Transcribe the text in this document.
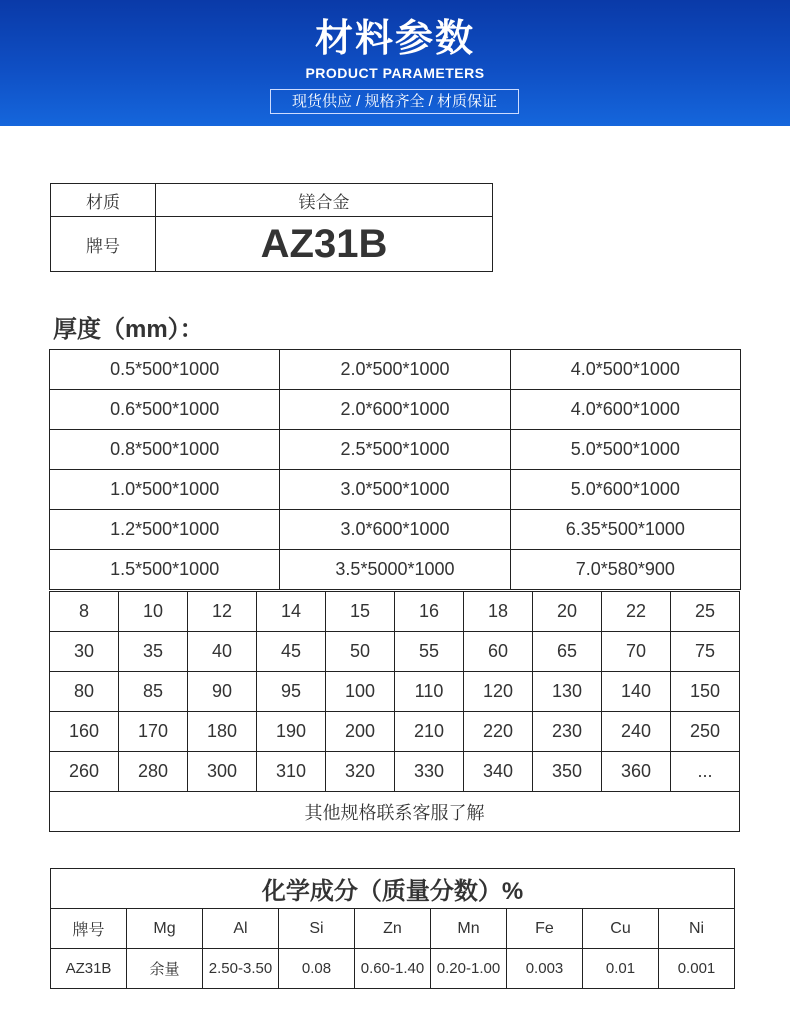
材料参数
PRODUCT PARAMETERS
现货供应 / 规格齐全 / 材质保证
材质	镁合金
牌号	AZ31B
厚度（mm）：
0.5*500*1000	2.0*500*1000	4.0*500*1000
0.6*500*1000	2.0*600*1000	4.0*600*1000
0.8*500*1000	2.5*500*1000	5.0*500*1000
1.0*500*1000	3.0*500*1000	5.0*600*1000
1.2*500*1000	3.0*600*1000	6.35*500*1000
1.5*500*1000	3.5*5000*1000	7.0*580*900
8	10	12	14	15	16	18	20	22	25
30	35	40	45	50	55	60	65	70	75
80	85	90	95	100	110	120	130	140	150
160	170	180	190	200	210	220	230	240	250
260	280	300	310	320	330	340	350	360	...
其他规格联系客服了解									
化学成分（质量分数）%								
牌号	Mg	Al	Si	Zn	Mn	Fe	Cu	Ni
AZ31B	余量	2.50-3.50	0.08	0.60-1.40	0.20-1.00	0.003	0.01	0.001
